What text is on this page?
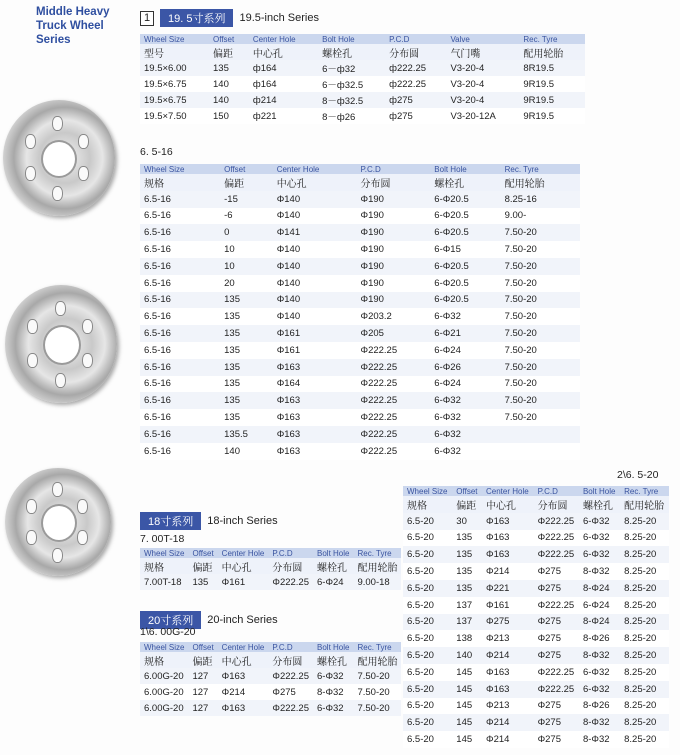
Middle Heavy
Truck Wheel
Series
1	19. 5寸系列	19.5-inch Series
Wheel Size	Offset	Center Hole	Bolt Hole	P.C.D	Valve	Rec. Tyre
型号	偏距	中心孔	螺栓孔	分布圆	气门嘴	配用轮胎
19.5×6.00	135	ф164	6－ф32	ф222.25	V3-20-4	8R19.5
19.5×6.75	140	ф164	6－ф32.5	ф222.25	V3-20-4	9R19.5
19.5×6.75	140	ф214	8－ф32.5	ф275	V3-20-4	9R19.5
19.5×7.50	150	ф221	8－ф26	ф275	V3-20-12A	9R19.5
6. 5-16
Wheel Size	Offset	Center Hole	P.C.D	Bolt Hole	Rec. Tyre
规格	偏距	中心孔	分布圆	螺栓孔	配用轮胎
6.5-16	-15	Φ140	Φ190	6-Φ20.5	8.25-16
6.5-16	-6	Φ140	Φ190	6-Φ20.5	9.00-
6.5-16	0	Φ141	Φ190	6-Φ20.5	7.50-20
6.5-16	10	Φ140	Φ190	6-Φ15	7.50-20
6.5-16	10	Φ140	Φ190	6-Φ20.5	7.50-20
6.5-16	20	Φ140	Φ190	6-Φ20.5	7.50-20
6.5-16	135	Φ140	Φ190	6-Φ20.5	7.50-20
6.5-16	135	Φ140	Φ203.2	6-Φ32	7.50-20
6.5-16	135	Φ161	Φ205	6-Φ21	7.50-20
6.5-16	135	Φ161	Φ222.25	6-Φ24	7.50-20
6.5-16	135	Φ163	Φ222.25	6-Φ26	7.50-20
6.5-16	135	Φ164	Φ222.25	6-Φ24	7.50-20
6.5-16	135	Φ163	Φ222.25	6-Φ32	7.50-20
6.5-16	135	Φ163	Φ222.25	6-Φ32	7.50-20
6.5-16	135.5	Φ163	Φ222.25	6-Φ32	
6.5-16	140	Φ163	Φ222.25	6-Φ32	
18寸系列	18-inch Series
7. 00T-18
Wheel Size	Offset	Center Hole	P.C.D	Bolt Hole	Rec. Tyre
规格	偏距	中心孔	分布圆	螺栓孔	配用轮胎
7.00T-18	135	Φ161	Φ222.25	6-Φ24	9.00-18
20寸系列	20-inch Series
1\6. 00G-20
Wheel Size	Offset	Center Hole	P.C.D	Bolt Hole	Rec. Tyre
规格	偏距	中心孔	分布圆	螺栓孔	配用轮胎
6.00G-20	127	Φ163	Φ222.25	6-Φ32	7.50-20
6.00G-20	127	Φ214	Φ275	8-Φ32	7.50-20
6.00G-20	127	Φ163	Φ222.25	6-Φ32	7.50-20
2\6. 5-20
Wheel Size	Offset	Center Hole	P.C.D	Bolt Hole	Rec. Tyre
规格	偏距	中心孔	分布圆	螺栓孔	配用轮胎
6.5-20	30	Φ163	Φ222.25	6-Φ32	8.25-20
6.5-20	135	Φ163	Φ222.25	6-Φ32	8.25-20
6.5-20	135	Φ163	Φ222.25	6-Φ32	8.25-20
6.5-20	135	Φ214	Φ275	8-Φ32	8.25-20
6.5-20	135	Φ221	Φ275	8-Φ24	8.25-20
6.5-20	137	Φ161	Φ222.25	6-Φ24	8.25-20
6.5-20	137	Φ275	Φ275	8-Φ24	8.25-20
6.5-20	138	Φ213	Φ275	8-Φ26	8.25-20
6.5-20	140	Φ214	Φ275	8-Φ32	8.25-20
6.5-20	145	Φ163	Φ222.25	6-Φ32	8.25-20
6.5-20	145	Φ163	Φ222.25	6-Φ32	8.25-20
6.5-20	145	Φ213	Φ275	8-Φ26	8.25-20
6.5-20	145	Φ214	Φ275	8-Φ32	8.25-20
6.5-20	145	Φ214	Φ275	8-Φ32	8.25-20
